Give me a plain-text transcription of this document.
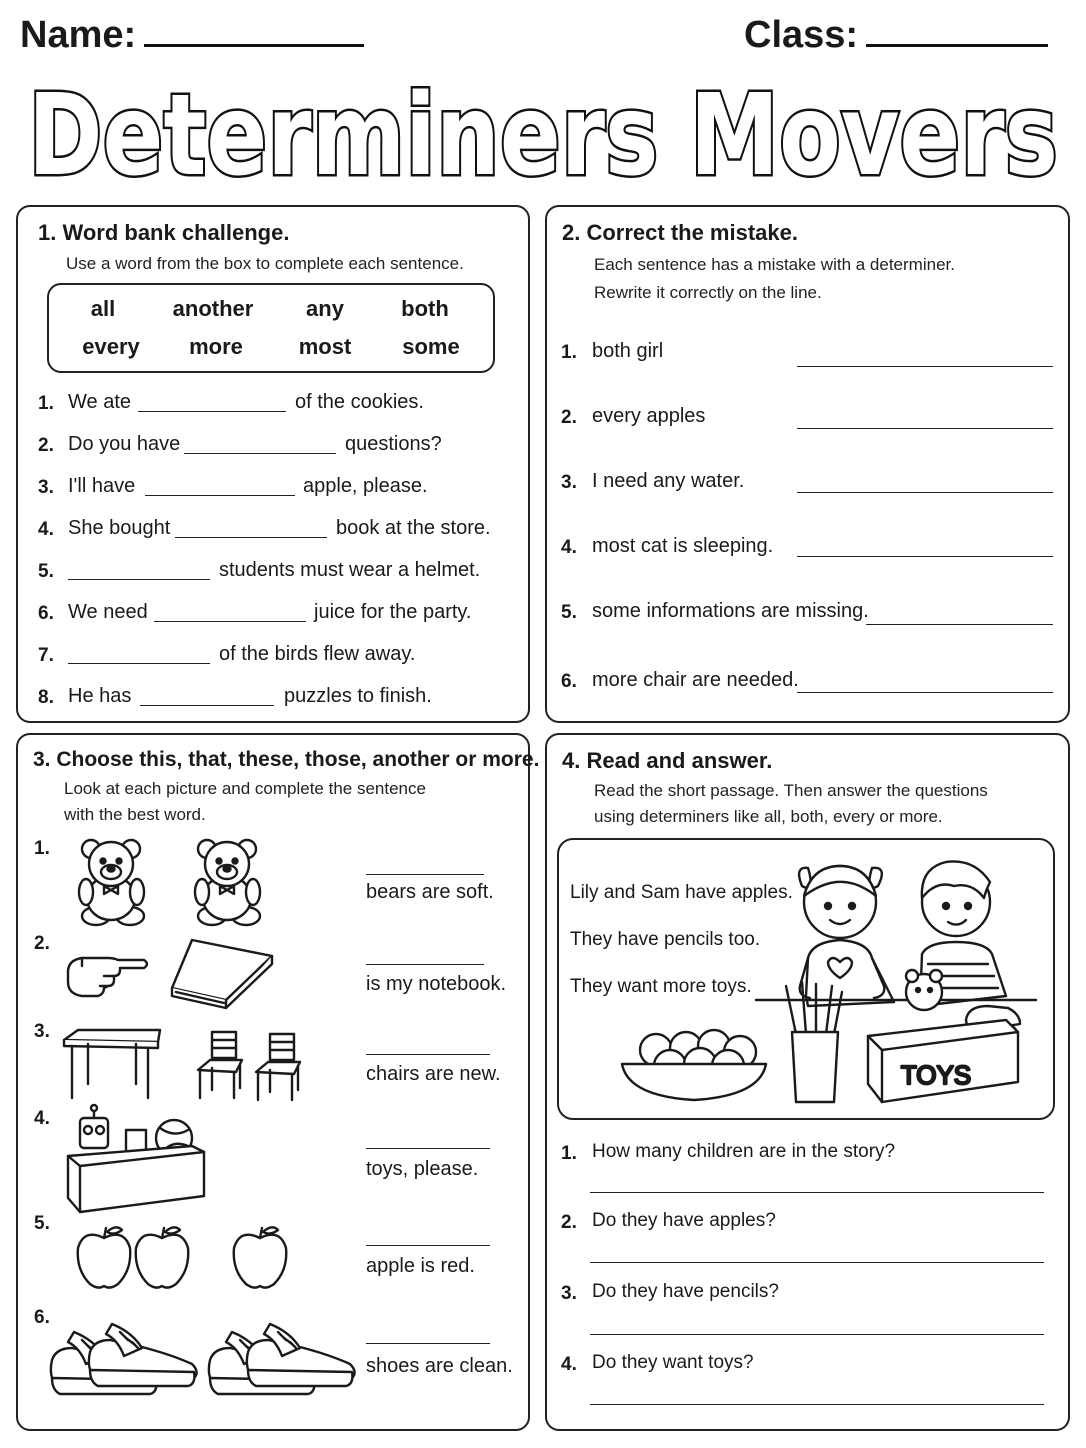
Name:	Class:
Determiners Movers
1. Word bank challenge.
Use a word from the box to complete each sentence.
all	another	any	both
every	more	most	some
1. We ate	of the cookies.
2. Do you have	questions?
3. I'll have	apple, please.
4. She bought	book at the store.
5.	students must wear a helmet.
6. We need	juice for the party.
7.	of the birds flew away.
8. He has	puzzles to finish.
2. Correct the mistake.
Each sentence has a mistake with a determiner.
Rewrite it correctly on the line.
1. both girl
2. every apples
3. I need any water.
4. most cat is sleeping.
5. some informations are missing.
6. more chair are needed.
3. Choose this, that, these, those, another or more.
Look at each picture and complete the sentence
with the best word.
1.
bears are soft.
2.
is my notebook.
3.
chairs are new.
4.
toys, please.
5.
apple is red.
6.
shoes are clean.
4. Read and answer.
Read the short passage. Then answer the questions
using determiners like all, both, every or more.
Lily and Sam have apples.
They have pencils too.
They want more toys.
TOYS
1. How many children are in the story?
2. Do they have apples?
3. Do they have pencils?
4. Do they want toys?
